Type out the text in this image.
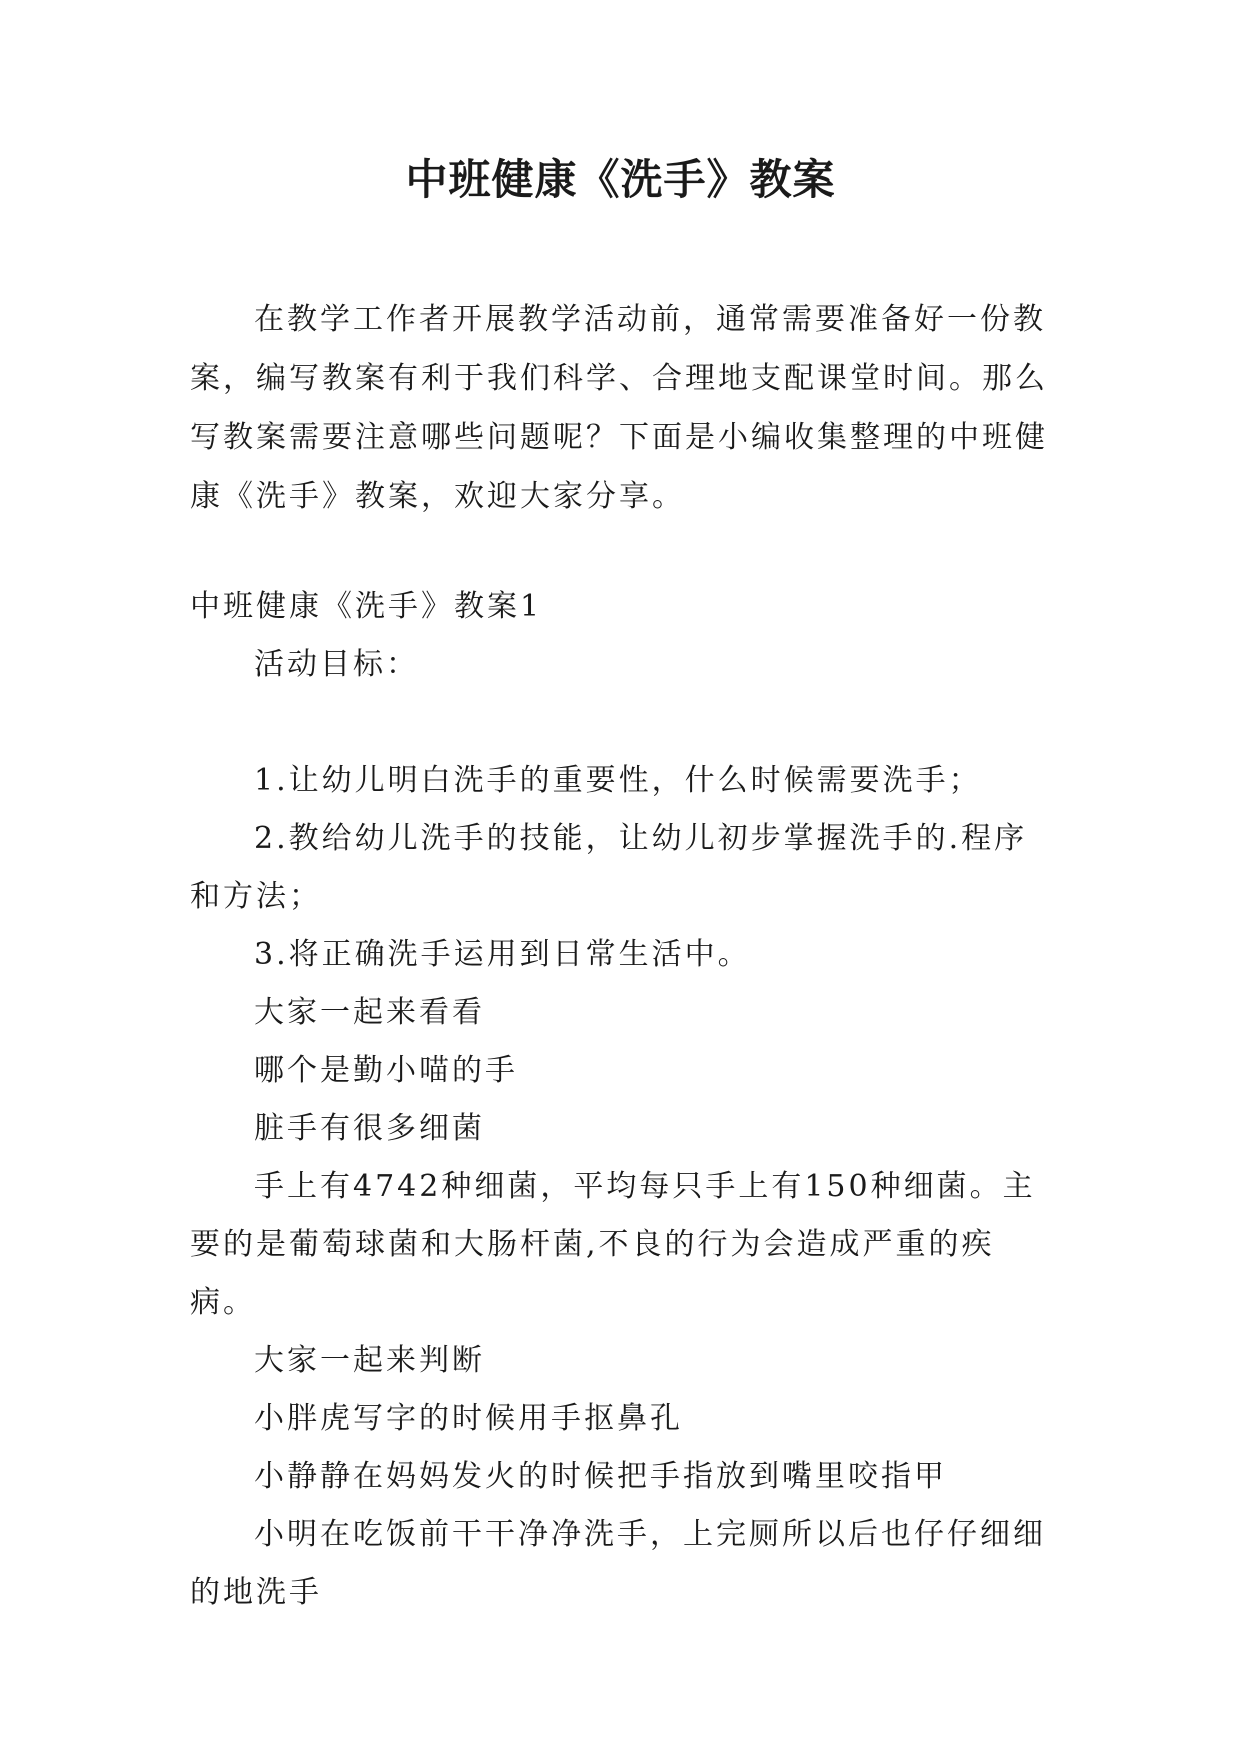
中班健康《洗手》教案

在教学工作者开展教学活动前，通常需要准备好一份教案，编写教案有利于我们科学、合理地支配课堂时间。那么写教案需要注意哪些问题呢？下面是小编收集整理的中班健康《洗手》教案，欢迎大家分享。

中班健康《洗手》教案1

活动目标：

1.让幼儿明白洗手的重要性，什么时候需要洗手；

2.教给幼儿洗手的技能，让幼儿初步掌握洗手的.程序和方法；

3.将正确洗手运用到日常生活中。

大家一起来看看

哪个是勤小喵的手

脏手有很多细菌

手上有4742种细菌，平均每只手上有150种细菌。主要的是葡萄球菌和大肠杆菌,不良的行为会造成严重的疾病。

大家一起来判断

小胖虎写字的时候用手抠鼻孔

小静静在妈妈发火的时候把手指放到嘴里咬指甲

小明在吃饭前干干净净洗手，上完厕所以后也仔仔细细的地洗手
